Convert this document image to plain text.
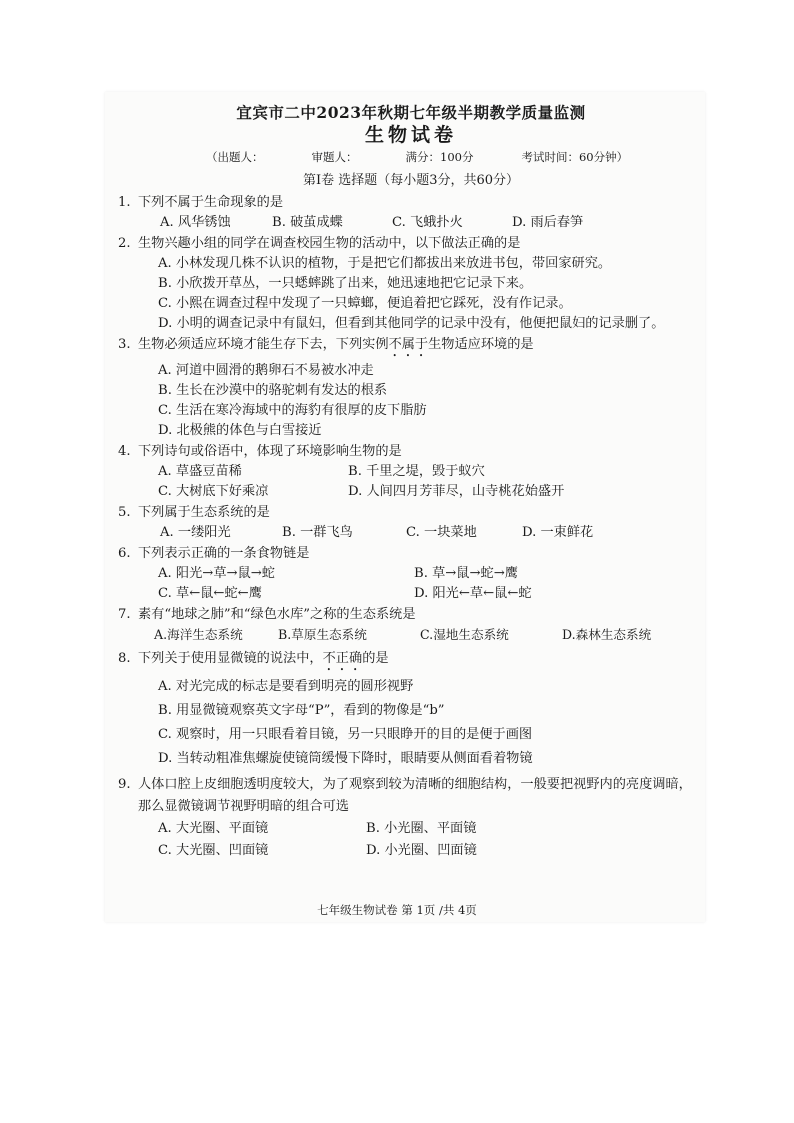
宜宾市二中2023年秋期七年级半期教学质量监测
生物试卷
（出题人：	审题人：	满分：100分	考试时间：60分钟）
第Ⅰ卷 选择题（每小题3分，共60分）
1. 下列不属于生命现象的是
A. 风华锈蚀	B. 破茧成蝶	C. 飞蛾扑火	D. 雨后春笋
2. 生物兴趣小组的同学在调查校园生物的活动中，以下做法正确的是
A. 小林发现几株不认识的植物，于是把它们都拔出来放进书包，带回家研究。
B. 小欣拨开草丛，一只蟋蟀跳了出来，她迅速地把它记录下来。
C. 小熙在调查过程中发现了一只蟑螂，便追着把它踩死，没有作记录。
D. 小明的调查记录中有鼠妇，但看到其他同学的记录中没有，他便把鼠妇的记录删了。
3. 生物必须适应环境才能生存下去，下列实例不属于生物适应环境的是
A. 河道中圆滑的鹅卵石不易被水冲走
B. 生长在沙漠中的骆驼刺有发达的根系
C. 生活在寒冷海域中的海豹有很厚的皮下脂肪
D. 北极熊的体色与白雪接近
4. 下列诗句或俗语中，体现了环境影响生物的是
A. 草盛豆苗稀	B. 千里之堤，毁于蚁穴
C. 大树底下好乘凉	D. 人间四月芳菲尽，山寺桃花始盛开
5. 下列属于生态系统的是
A. 一缕阳光	B. 一群飞鸟	C. 一块菜地	D. 一束鲜花
6. 下列表示正确的一条食物链是
A. 阳光→草→鼠→蛇	B. 草→鼠→蛇→鹰
C. 草←鼠←蛇←鹰	D. 阳光←草←鼠←蛇
7. 素有“地球之肺”和“绿色水库”之称的生态系统是
A.海洋生态系统	B.草原生态系统	C.湿地生态系统	D.森林生态系统
8. 下列关于使用显微镜的说法中，不正确的是
A. 对光完成的标志是要看到明亮的圆形视野
B. 用显微镜观察英文字母“P”，看到的物像是“b”
C. 观察时，用一只眼看着目镜，另一只眼睁开的目的是便于画图
D. 当转动粗准焦螺旋使镜筒缓慢下降时，眼睛要从侧面看着物镜
9. 人体口腔上皮细胞透明度较大，为了观察到较为清晰的细胞结构，一般要把视野内的亮度调暗，那么显微镜调节视野明暗的组合可选
A. 大光圈、平面镜	B. 小光圈、平面镜
C. 大光圈、凹面镜	D. 小光圈、凹面镜
七年级生物试卷 第 1页 /共 4页
